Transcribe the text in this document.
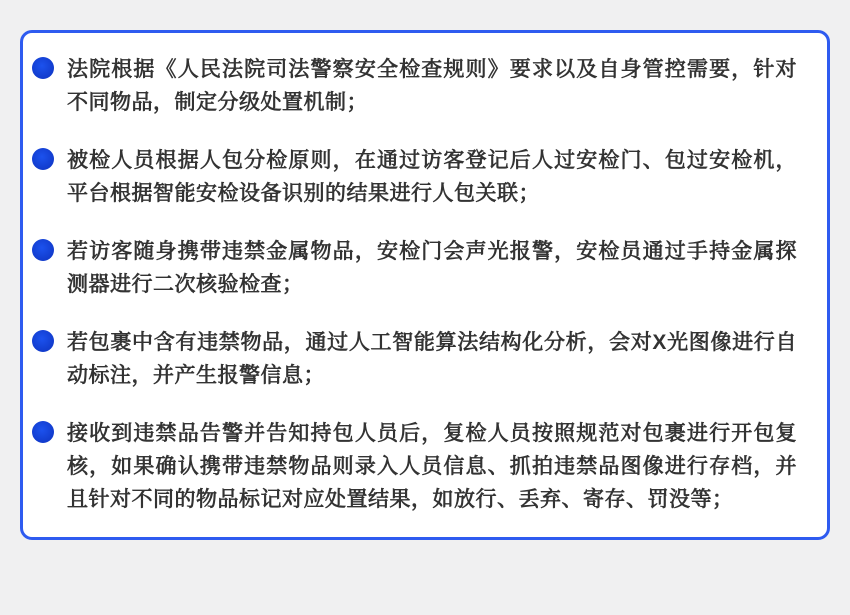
法院根据《人民法院司法警察安全检查规则》要求以及自身管控需要，针对不同物品，制定分级处置机制；

被检人员根据人包分检原则，在通过访客登记后人过安检门、包过安检机，平台根据智能安检设备识别的结果进行人包关联；

若访客随身携带违禁金属物品，安检门会声光报警，安检员通过手持金属探测器进行二次核验检查；

若包裹中含有违禁物品，通过人工智能算法结构化分析，会对X光图像进行自动标注，并产生报警信息；

接收到违禁品告警并告知持包人员后，复检人员按照规范对包裹进行开包复核，如果确认携带违禁物品则录入人员信息、抓拍违禁品图像进行存档，并且针对不同的物品标记对应处置结果，如放行、丢弃、寄存、罚没等；
